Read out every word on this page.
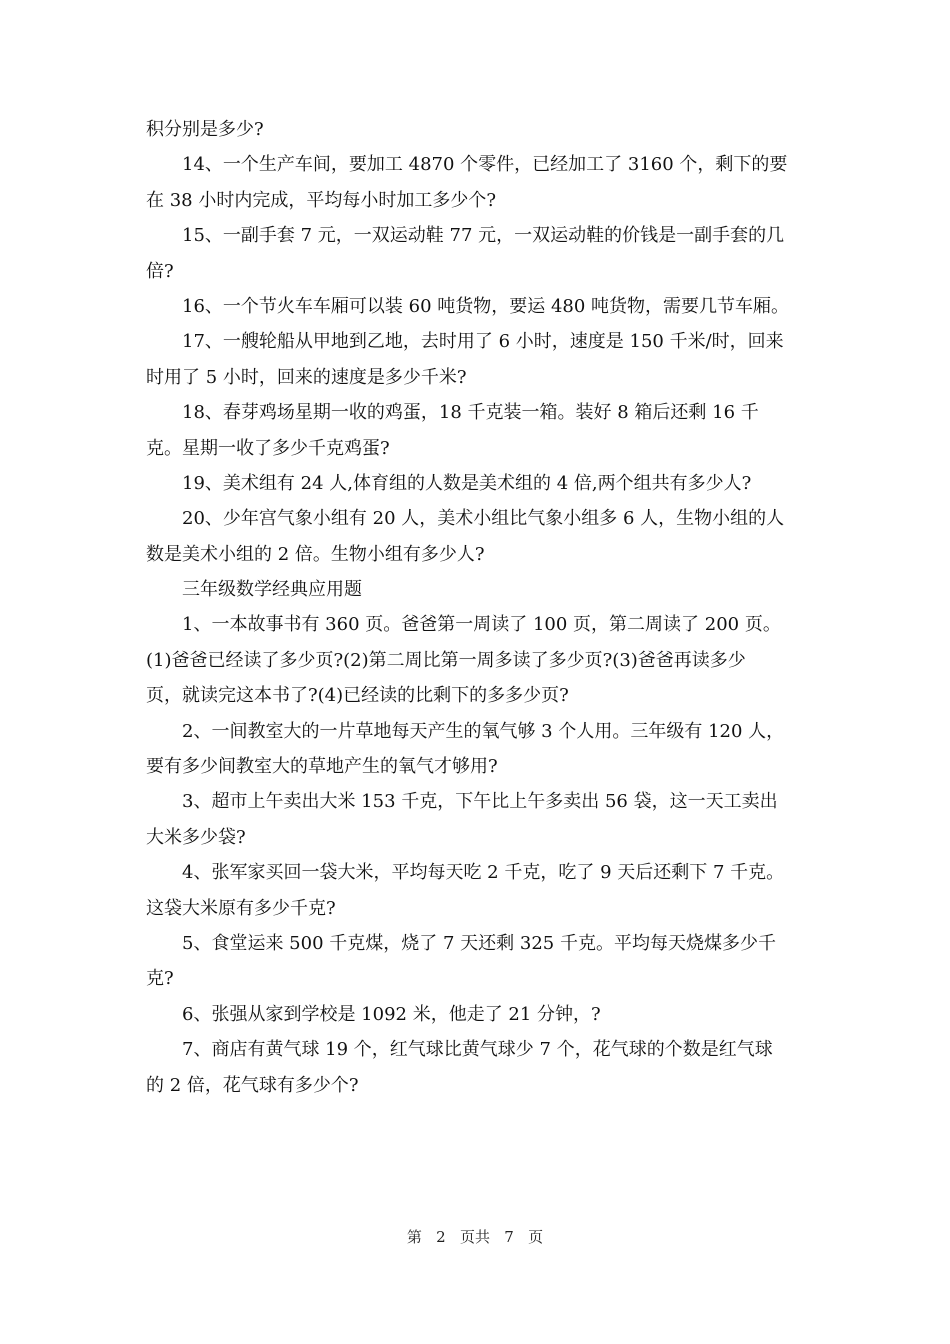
积分别是多少?
14、一个生产车间，要加工 4870 个零件，已经加工了 3160 个，剩下的要
在 38 小时内完成，平均每小时加工多少个?
15、一副手套 7 元，一双运动鞋 77 元，一双运动鞋的价钱是一副手套的几
倍?
16、一个节火车车厢可以装 60 吨货物，要运 480 吨货物，需要几节车厢。
17、一艘轮船从甲地到乙地，去时用了 6 小时，速度是 150 千米/时，回来
时用了 5 小时，回来的速度是多少千米?
18、春芽鸡场星期一收的鸡蛋，18 千克装一箱。装好 8 箱后还剩 16 千
克。星期一收了多少千克鸡蛋?
19、美术组有 24 人,体育组的人数是美术组的 4 倍,两个组共有多少人?
20、少年宫气象小组有 20 人，美术小组比气象小组多 6 人，生物小组的人
数是美术小组的 2 倍。生物小组有多少人?
三年级数学经典应用题
1、一本故事书有 360 页。爸爸第一周读了 100 页，第二周读了 200 页。
(1)爸爸已经读了多少页?(2)第二周比第一周多读了多少页?(3)爸爸再读多少
页，就读完这本书了?(4)已经读的比剩下的多多少页?
2、一间教室大的一片草地每天产生的氧气够 3 个人用。三年级有 120 人，
要有多少间教室大的草地产生的氧气才够用?
3、超市上午卖出大米 153 千克，下午比上午多卖出 56 袋，这一天工卖出
大米多少袋?
4、张军家买回一袋大米，平均每天吃 2 千克，吃了 9 天后还剩下 7 千克。
这袋大米原有多少千克?
5、食堂运来 500 千克煤，烧了 7 天还剩 325 千克。平均每天烧煤多少千
克?
6、张强从家到学校是 1092 米，他走了 21 分钟，?
7、商店有黄气球 19 个，红气球比黄气球少 7 个，花气球的个数是红气球
的 2 倍，花气球有多少个?
第   2   页共   7   页
